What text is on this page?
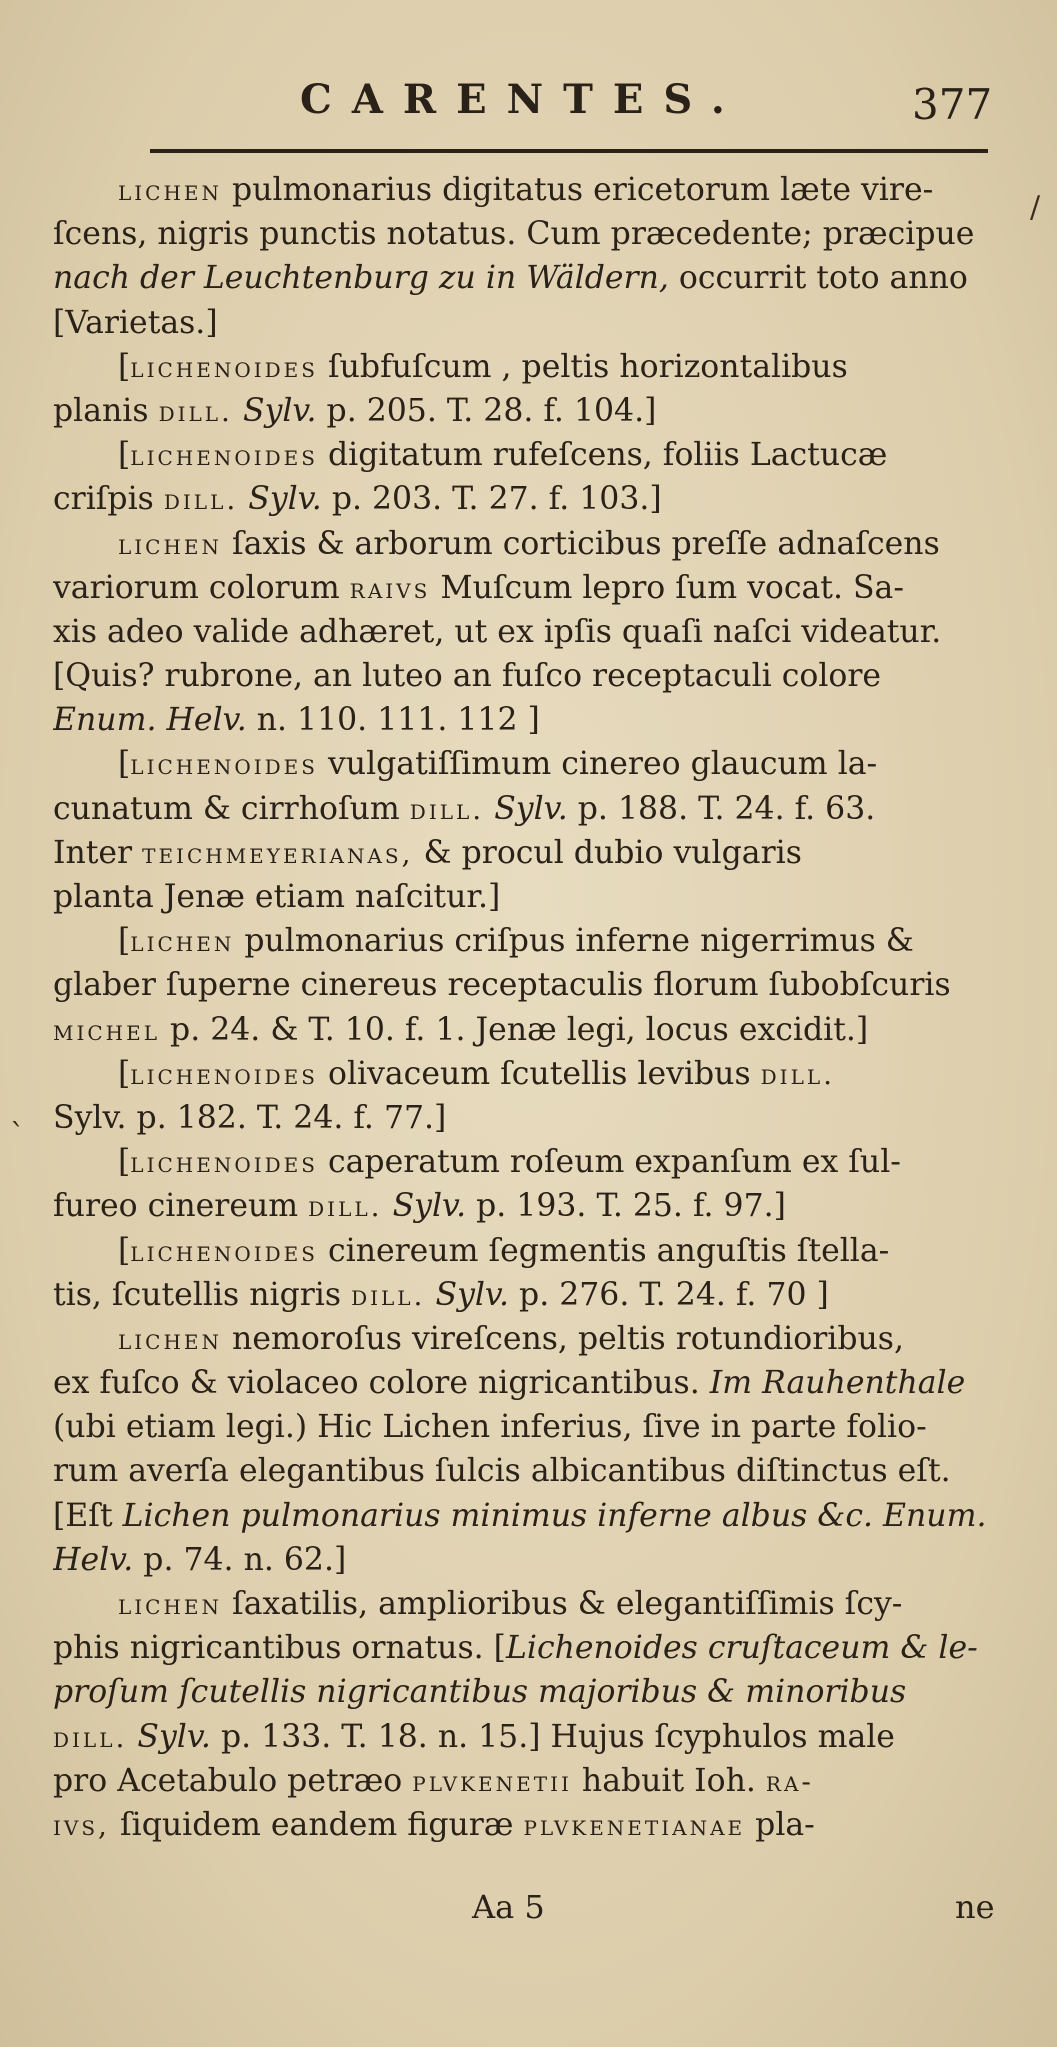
CARENTES.	377
lichen pulmonarius digitatus ericetorum læte vire-
ſcens, nigris punctis notatus. Cum præcedente; præcipue
nach der Leuchtenburg zu in Wäldern, occurrit toto anno
[Varietas.]
[lichenoides ſubfuſcum , peltis horizontalibus
planis dill. Sylv. p. 205. T. 28. f. 104.]
[lichenoides digitatum rufeſcens, foliis Lactucæ
criſpis dill. Sylv. p. 203. T. 27. f. 103.]
lichen ſaxis & arborum corticibus preſſe adnaſcens
variorum colorum raivs Muſcum lepro ſum vocat. Sa-
xis adeo valide adhæret, ut ex ipſis quaſi naſci videatur.
[Quis? rubrone, an luteo an fuſco receptaculi colore
Enum. Helv. n. 110. 111. 112 ]
[lichenoides vulgatiſſimum cinereo glaucum la-
cunatum & cirrhoſum dill. Sylv. p. 188. T. 24. f. 63.
Inter teichmeyerianas, & procul dubio vulgaris
planta Jenæ etiam naſcitur.]
[lichen pulmonarius criſpus inferne nigerrimus &
glaber ſuperne cinereus receptaculis florum ſubobſcuris
michel p. 24. & T. 10. f. 1. Jenæ legi, locus excidit.]
[lichenoides olivaceum ſcutellis levibus dill.
Sylv. p. 182. T. 24. f. 77.]
[lichenoides caperatum roſeum expanſum ex ſul-
fureo cinereum dill. Sylv. p. 193. T. 25. f. 97.]
[lichenoides cinereum ſegmentis anguſtis ſtella-
tis, ſcutellis nigris dill. Sylv. p. 276. T. 24. f. 70 ]
lichen nemoroſus vireſcens, peltis rotundioribus,
ex fuſco & violaceo colore nigricantibus. Im Rauhenthale
(ubi etiam legi.) Hic Lichen inferius, ſive in parte folio-
rum averſa elegantibus ſulcis albicantibus diſtinctus eſt.
[Eſt Lichen pulmonarius minimus inferne albus &c. Enum.
Helv. p. 74. n. 62.]
lichen ſaxatilis, amplioribus & elegantiſſimis ſcy-
phis nigricantibus ornatus. [Lichenoides cruſtaceum & le-
proſum ſcutellis nigricantibus majoribus & minoribus
dill. Sylv. p. 133. T. 18. n. 15.] Hujus ſcyphulos male
pro Acetabulo petræo plvkenetii habuit Ioh. ra-
ivs, ſiquidem eandem figuræ plvkenetianae pla-
/
`
Aa 5	ne
